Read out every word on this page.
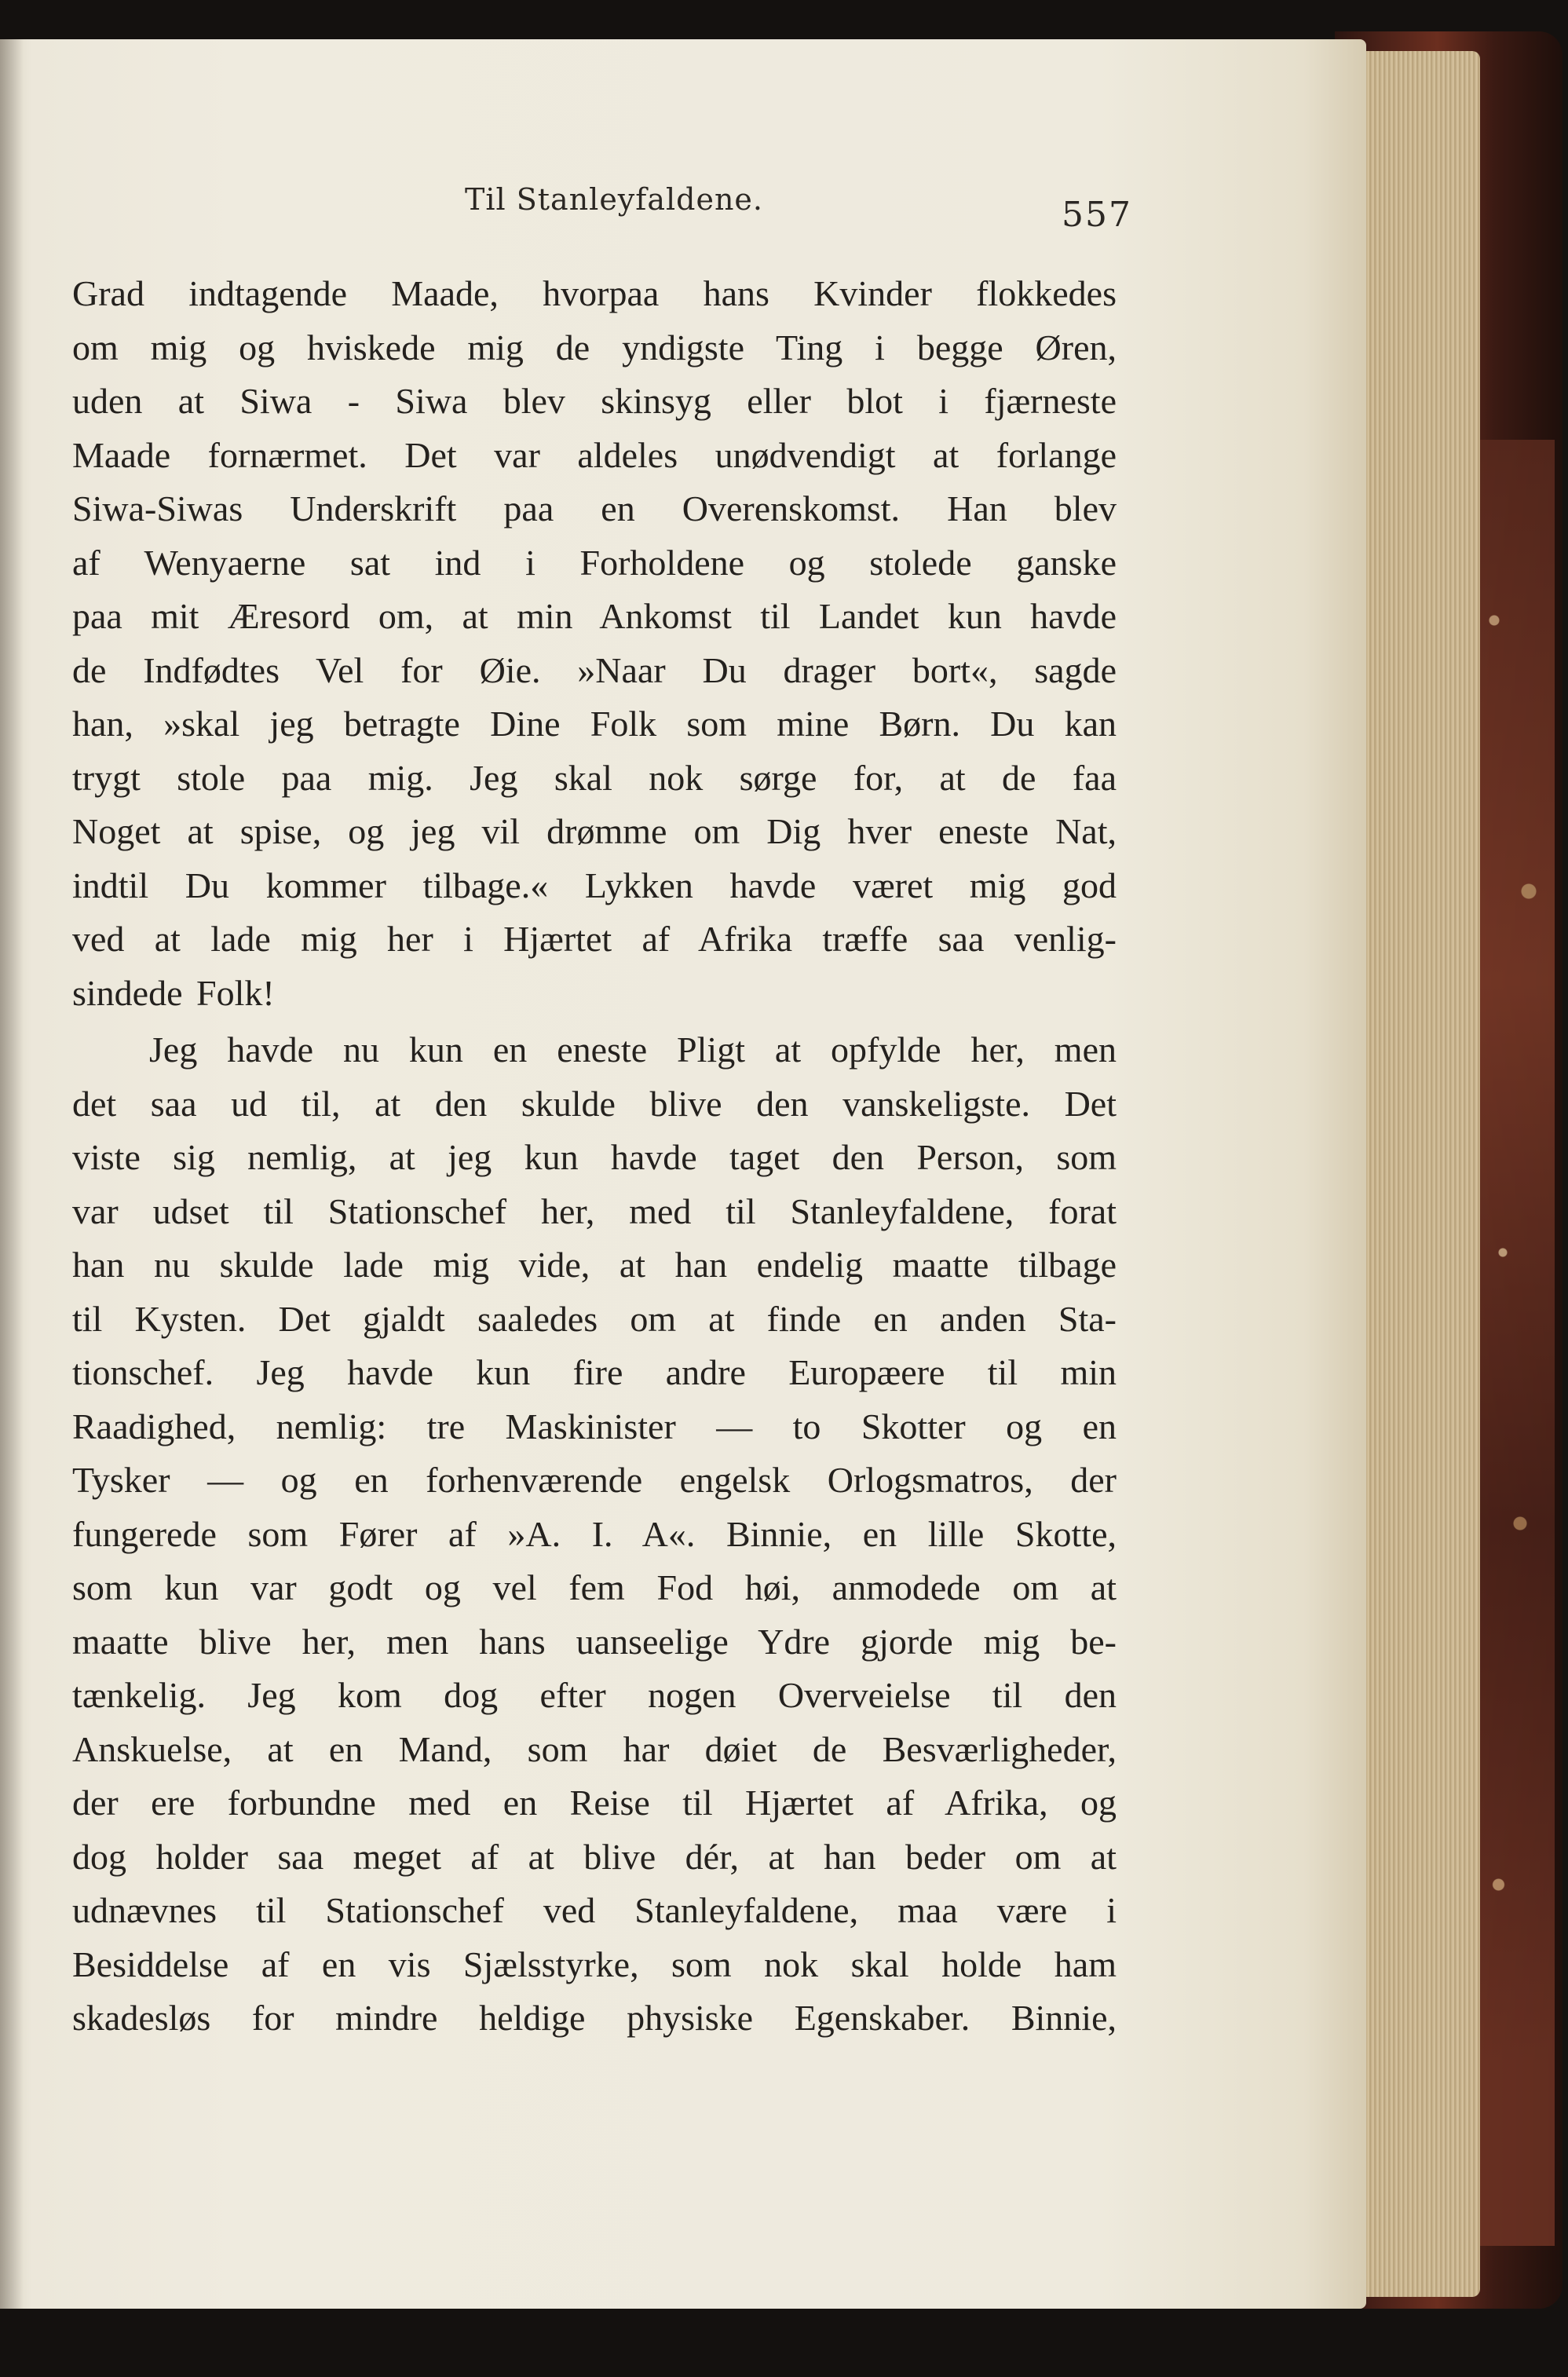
Til Stanleyfaldene.	557
Grad indtagende Maade, hvorpaa hans Kvinder flokkedes
om mig og hviskede mig de yndigste Ting i begge Øren,
uden at Siwa - Siwa blev skinsyg eller blot i fjærneste
Maade fornærmet. Det var aldeles unødvendigt at forlange
Siwa-Siwas Underskrift paa en Overenskomst. Han blev
af Wenyaerne sat ind i Forholdene og stolede ganske
paa mit Æresord om, at min Ankomst til Landet kun havde
de Indfødtes Vel for Øie. »Naar Du drager bort«, sagde
han, »skal jeg betragte Dine Folk som mine Børn. Du kan
trygt stole paa mig. Jeg skal nok sørge for, at de faa
Noget at spise, og jeg vil drømme om Dig hver eneste Nat,
indtil Du kommer tilbage.« Lykken havde været mig god
ved at lade mig her i Hjærtet af Afrika træffe saa venlig-
sindede Folk!
Jeg havde nu kun en eneste Pligt at opfylde her, men
det saa ud til, at den skulde blive den vanskeligste. Det
viste sig nemlig, at jeg kun havde taget den Person, som
var udset til Stationschef her, med til Stanleyfaldene, forat
han nu skulde lade mig vide, at han endelig maatte tilbage
til Kysten. Det gjaldt saaledes om at finde en anden Sta-
tionschef. Jeg havde kun fire andre Europæere til min
Raadighed, nemlig: tre Maskinister — to Skotter og en
Tysker — og en forhenværende engelsk Orlogsmatros, der
fungerede som Fører af »A. I. A«. Binnie, en lille Skotte,
som kun var godt og vel fem Fod høi, anmodede om at
maatte blive her, men hans uanseelige Ydre gjorde mig be-
tænkelig. Jeg kom dog efter nogen Overveielse til den
Anskuelse, at en Mand, som har døiet de Besværligheder,
der ere forbundne med en Reise til Hjærtet af Afrika, og
dog holder saa meget af at blive dér, at han beder om at
udnævnes til Stationschef ved Stanleyfaldene, maa være i
Besiddelse af en vis Sjælsstyrke, som nok skal holde ham
skadesløs for mindre heldige physiske Egenskaber. Binnie,
